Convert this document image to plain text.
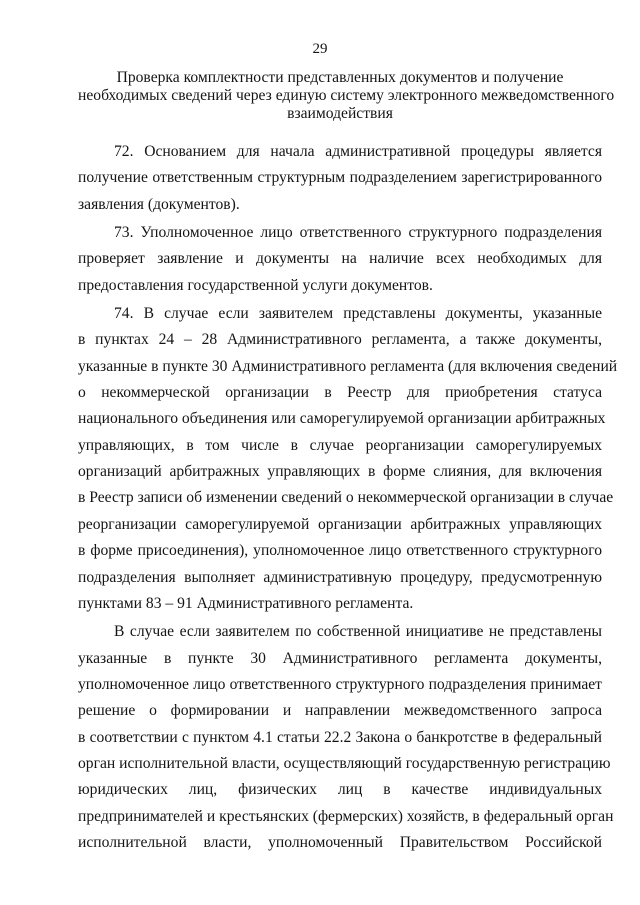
29
Проверка комплектности представленных документов и получение
необходимых сведений через единую систему электронного межведомственного
взаимодействия
72. Основанием для начала административной процедуры является
получение ответственным структурным подразделением зарегистрированного
заявления (документов).
73. Уполномоченное лицо ответственного структурного подразделения
проверяет заявление и документы на наличие всех необходимых для
предоставления государственной услуги документов.
74. В случае если заявителем представлены документы, указанные
в пунктах 24 – 28 Административного регламента, а также документы,
указанные в пункте 30 Административного регламента (для включения сведений
о некоммерческой организации в Реестр для приобретения статуса
национального объединения или саморегулируемой организации арбитражных
управляющих, в том числе в случае реорганизации саморегулируемых
организаций арбитражных управляющих в форме слияния, для включения
в Реестр записи об изменении сведений о некоммерческой организации в случае
реорганизации саморегулируемой организации арбитражных управляющих
в форме присоединения), уполномоченное лицо ответственного структурного
подразделения выполняет административную процедуру, предусмотренную
пунктами 83 – 91 Административного регламента.
В случае если заявителем по собственной инициативе не представлены
указанные в пункте 30 Административного регламента документы,
уполномоченное лицо ответственного структурного подразделения принимает
решение о формировании и направлении межведомственного запроса
в соответствии с пунктом 4.1 статьи 22.2 Закона о банкротстве в федеральный
орган исполнительной власти, осуществляющий государственную регистрацию
юридических лиц, физических лиц в качестве индивидуальных
предпринимателей и крестьянских (фермерских) хозяйств, в федеральный орган
исполнительной власти, уполномоченный Правительством Российской
